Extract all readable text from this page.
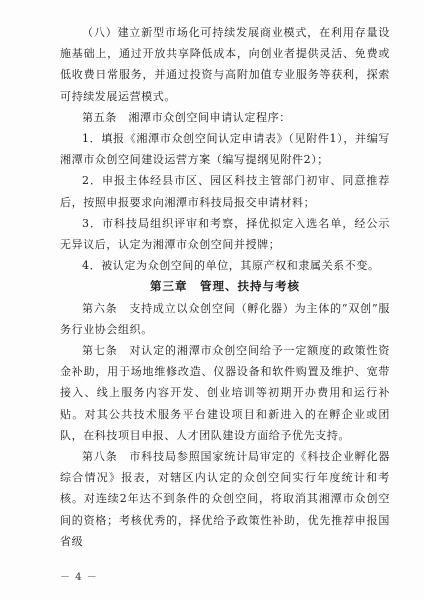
（八）建立新型市场化可持续发展商业模式，在利用存量设施基础上，通过开放共享降低成本，向创业者提供灵活、免费或低收费日常服务，并通过投资与高附加值专业服务等获利，探索可持续发展运营模式。

第五条　湘潭市众创空间申请认定程序：

1．填报《湘潭市众创空间认定申请表》（见附件1），并编写湘潭市众创空间建设运营方案（编写提纲见附件2）；

2．申报主体经县市区、园区科技主管部门初审、同意推荐后，按照申报要求向湘潭市科技局报交申请材料；

3．市科技局组织评审和考察，择优拟定入选名单，经公示无异议后，认定为湘潭市众创空间并授牌；

4．被认定为众创空间的单位，其原产权和隶属关系不变。

第三章　管理、扶持与考核

第六条　支持成立以众创空间（孵化器）为主体的“双创”服务行业协会组织。

第七条　对认定的湘潭市众创空间给予一定额度的政策性资金补助，用于场地维修改造、仪器设备和软件购置及维护、宽带接入、线上服务内容开发、创业培训等初期开办费用和运行补贴。对其公共技术服务平台建设项目和新进入的在孵企业或团队，在科技项目申报、人才团队建设方面给予优先支持。

第八条　市科技局参照国家统计局审定的《科技企业孵化器综合情况》报表，对辖区内认定的众创空间实行年度统计和考核。对连续2年达不到条件的众创空间，将取消其湘潭市众创空间的资格；考核优秀的，择优给予政策性补助，优先推荐申报国省级

－ 4 －
